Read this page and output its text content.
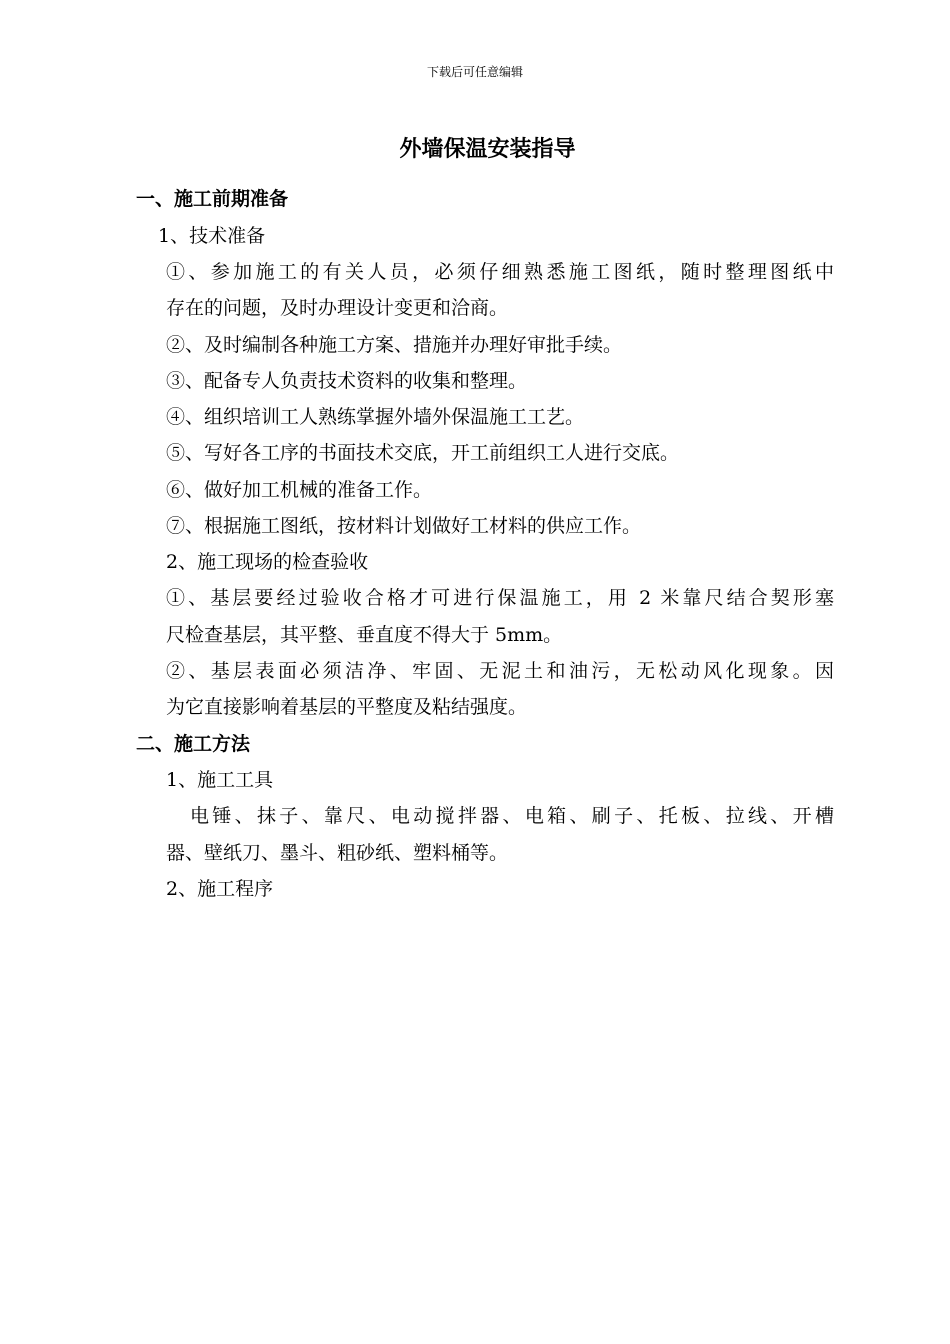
下载后可任意编辑
外墙保温安装指导
一、施工前期准备
1、技术准备
①、参加施工的有关人员，必须仔细熟悉施工图纸，随时整理图纸中
存在的问题，及时办理设计变更和洽商。
②、及时编制各种施工方案、措施并办理好审批手续。
③、配备专人负责技术资料的收集和整理。
④、组织培训工人熟练掌握外墙外保温施工工艺。
⑤、写好各工序的书面技术交底，开工前组织工人进行交底。
⑥、做好加工机械的准备工作。
⑦、根据施工图纸，按材料计划做好工材料的供应工作。
2、施工现场的检查验收
①、基层要经过验收合格才可进行保温施工，用 2 米靠尺结合契形塞
尺检查基层，其平整、垂直度不得大于 5mm。
②、基层表面必须洁净、牢固、无泥土和油污，无松动风化现象。因
为它直接影响着基层的平整度及粘结强度。
二、施工方法
1、施工工具
电锤、抹子、靠尺、电动搅拌器、电箱、刷子、托板、拉线、开槽
器、壁纸刀、墨斗、粗砂纸、塑料桶等。
2、施工程序
